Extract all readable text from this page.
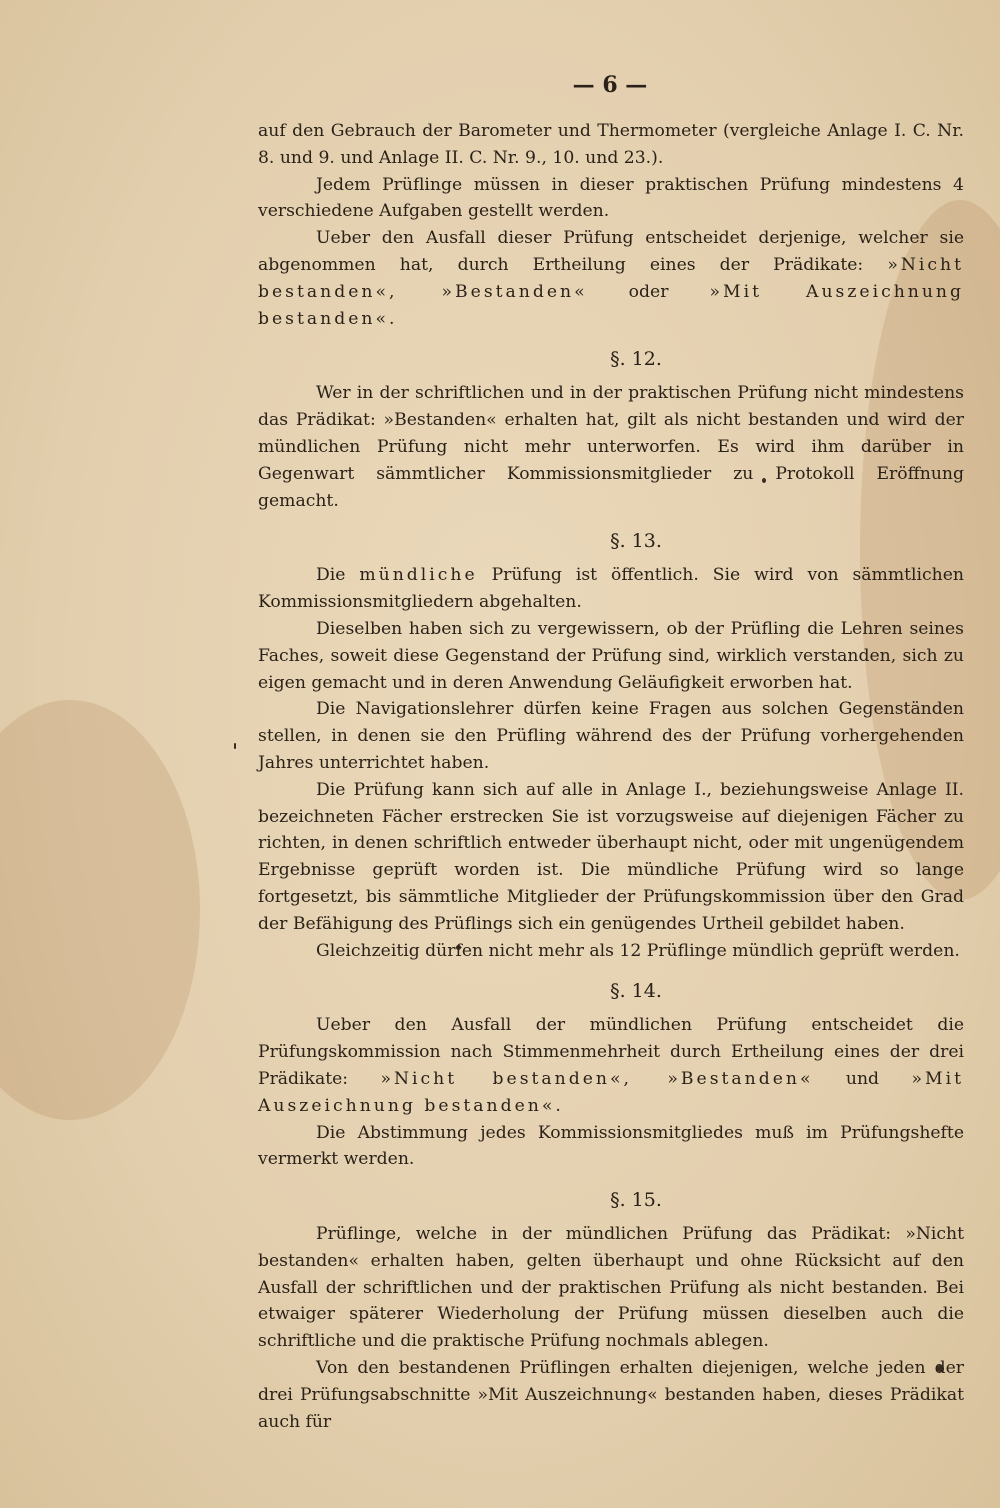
— 6 —

auf den Gebrauch der Barometer und Thermometer (vergleiche Anlage I. C. Nr. 8. und 9. und Anlage II. C. Nr. 9., 10. und 23.).

Jedem Prüflinge müssen in dieser praktischen Prüfung mindestens 4 verschiedene Aufgaben gestellt werden.

Ueber den Ausfall dieser Prüfung entscheidet derjenige, welcher sie abgenommen hat, durch Ertheilung eines der Prädikate: »Nicht bestanden«, »Bestanden« oder »Mit Auszeichnung bestanden«.

§. 12.

Wer in der schriftlichen und in der praktischen Prüfung nicht mindestens das Prädikat: »Bestanden« erhalten hat, gilt als nicht bestanden und wird der mündlichen Prüfung nicht mehr unterworfen. Es wird ihm darüber in Gegenwart sämmtlicher Kommissionsmitglieder zu Protokoll Eröffnung gemacht.

§. 13.

Die mündliche Prüfung ist öffentlich. Sie wird von sämmtlichen Kommissionsmitgliedern abgehalten.

Dieselben haben sich zu vergewissern, ob der Prüfling die Lehren seines Faches, soweit diese Gegenstand der Prüfung sind, wirklich verstanden, sich zu eigen gemacht und in deren Anwendung Geläufigkeit erworben hat.

Die Navigationslehrer dürfen keine Fragen aus solchen Gegenständen stellen, in denen sie den Prüfling während des der Prüfung vorhergehenden Jahres unterrichtet haben.

Die Prüfung kann sich auf alle in Anlage I., beziehungsweise Anlage II. bezeichneten Fächer erstrecken Sie ist vorzugsweise auf diejenigen Fächer zu richten, in denen schriftlich entweder überhaupt nicht, oder mit ungenügendem Ergebnisse geprüft worden ist. Die mündliche Prüfung wird so lange fortgesetzt, bis sämmtliche Mitglieder der Prüfungskommission über den Grad der Befähigung des Prüflings sich ein genügendes Urtheil gebildet haben.

Gleichzeitig dürfen nicht mehr als 12 Prüflinge mündlich geprüft werden.

§. 14.

Ueber den Ausfall der mündlichen Prüfung entscheidet die Prüfungskommission nach Stimmenmehrheit durch Ertheilung eines der drei Prädikate: »Nicht bestanden«, »Bestanden« und »Mit Auszeichnung bestanden«.

Die Abstimmung jedes Kommissionsmitgliedes muß im Prüfungshefte vermerkt werden.

§. 15.

Prüflinge, welche in der mündlichen Prüfung das Prädikat: »Nicht bestanden« erhalten haben, gelten überhaupt und ohne Rücksicht auf den Ausfall der schriftlichen und der praktischen Prüfung als nicht bestanden. Bei etwaiger späterer Wiederholung der Prüfung müssen dieselben auch die schriftliche und die praktische Prüfung nochmals ablegen.

Von den bestandenen Prüflingen erhalten diejenigen, welche jeden der drei Prüfungsabschnitte »Mit Auszeichnung« bestanden haben, dieses Prädikat auch für
